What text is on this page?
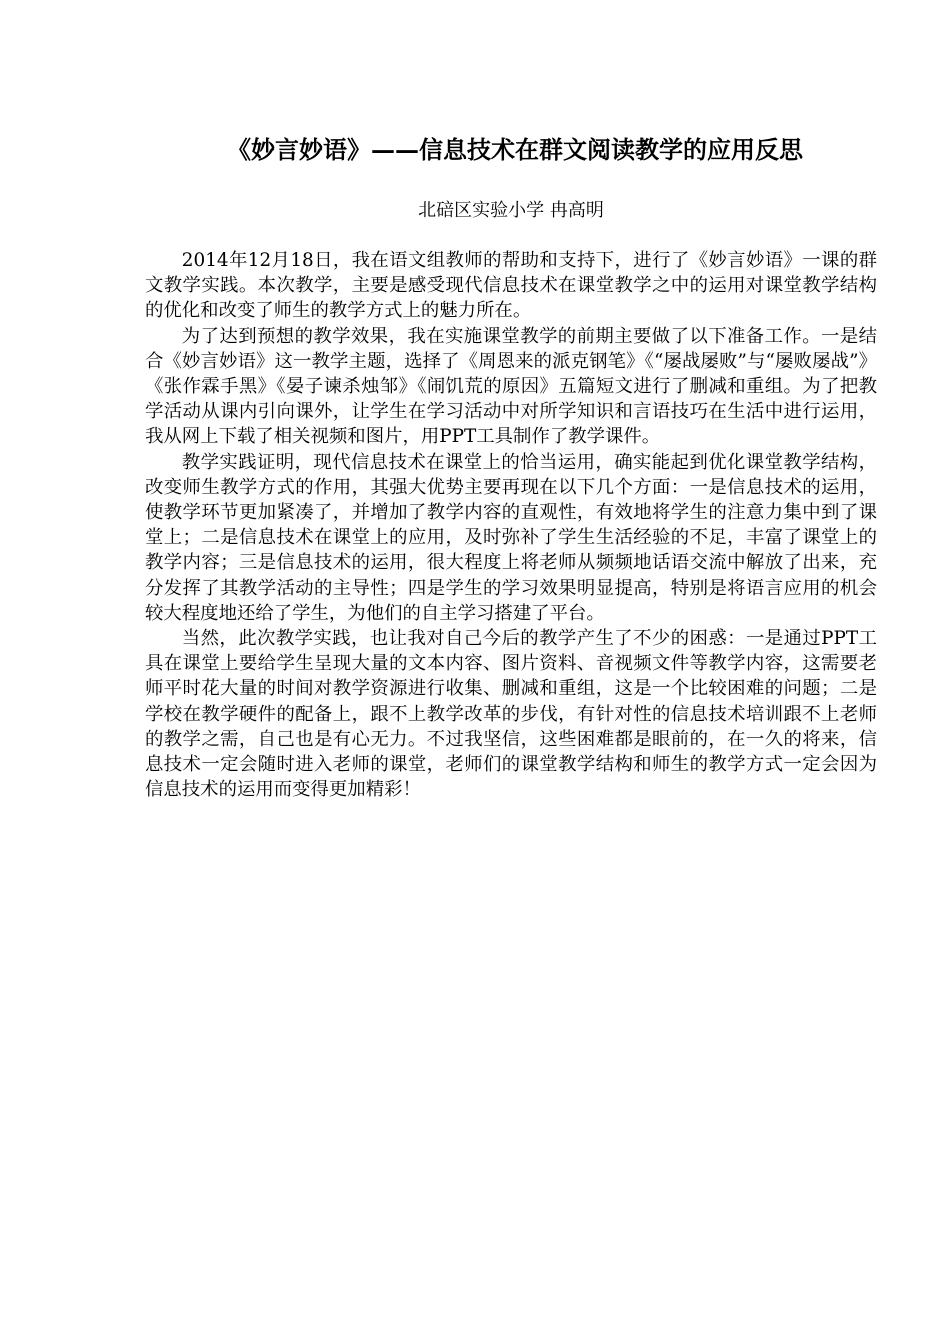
《妙言妙语》——信息技术在群文阅读教学的应用反思
北碚区实验小学 冉高明

2014年12月18日，我在语文组教师的帮助和支持下，进行了《妙言妙语》一课的群文教学实践。本次教学，主要是感受现代信息技术在课堂教学之中的运用对课堂教学结构的优化和改变了师生的教学方式上的魅力所在。

为了达到预想的教学效果，我在实施课堂教学的前期主要做了以下准备工作。一是结合《妙言妙语》这一教学主题，选择了《周恩来的派克钢笔》《“屡战屡败”与“屡败屡战”》《张作霖手黑》《晏子谏杀烛邹》《闹饥荒的原因》五篇短文进行了删减和重组。为了把教学活动从课内引向课外，让学生在学习活动中对所学知识和言语技巧在生活中进行运用，我从网上下载了相关视频和图片，用PPT工具制作了教学课件。

教学实践证明，现代信息技术在课堂上的恰当运用，确实能起到优化课堂教学结构，改变师生教学方式的作用，其强大优势主要再现在以下几个方面：一是信息技术的运用，使教学环节更加紧凑了，并增加了教学内容的直观性，有效地将学生的注意力集中到了课堂上；二是信息技术在课堂上的应用，及时弥补了学生生活经验的不足，丰富了课堂上的教学内容；三是信息技术的运用，很大程度上将老师从频频地话语交流中解放了出来，充分发挥了其教学活动的主导性；四是学生的学习效果明显提高，特别是将语言应用的机会较大程度地还给了学生，为他们的自主学习搭建了平台。

当然，此次教学实践，也让我对自己今后的教学产生了不少的困惑：一是通过PPT工具在课堂上要给学生呈现大量的文本内容、图片资料、音视频文件等教学内容，这需要老师平时花大量的时间对教学资源进行收集、删减和重组，这是一个比较困难的问题；二是学校在教学硬件的配备上，跟不上教学改革的步伐，有针对性的信息技术培训跟不上老师的教学之需，自己也是有心无力。不过我坚信，这些困难都是眼前的，在一久的将来，信息技术一定会随时进入老师的课堂，老师们的课堂教学结构和师生的教学方式一定会因为信息技术的运用而变得更加精彩！
